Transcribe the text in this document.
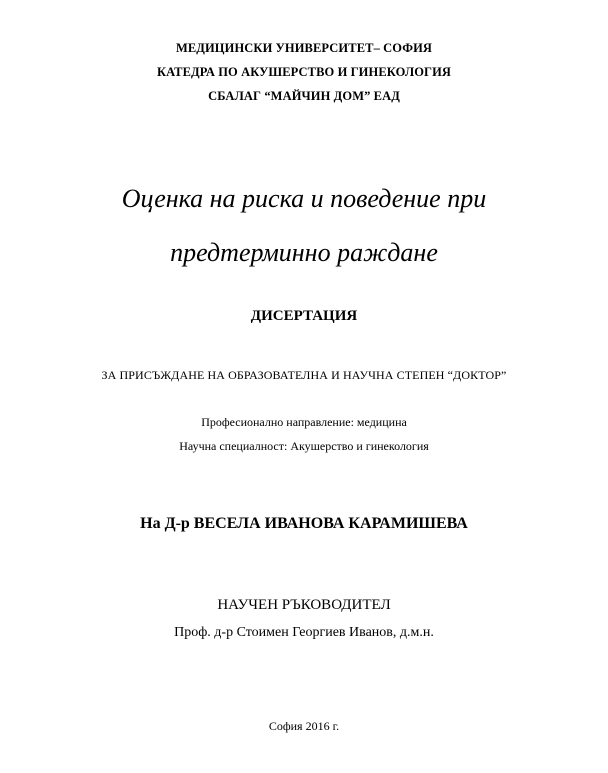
МЕДИЦИНСКИ УНИВЕРСИТЕТ– СОФИЯ
КАТЕДРА ПО АКУШЕРСТВО И ГИНЕКОЛОГИЯ
СБАЛАГ “МАЙЧИН ДОМ” ЕАД
Оценка на риска и поведение при
предтерминно раждане
ДИСЕРТАЦИЯ
ЗА ПРИСЪЖДАНЕ НА ОБРАЗОВАТЕЛНА И НАУЧНА СТЕПЕН “ДОКТОР”
Професионално направление: медицина
Научна специалност: Акушерство и гинекология
На Д-р ВЕСЕЛА ИВАНОВА КАРАМИШЕВА
НАУЧЕН РЪКОВОДИТЕЛ
Проф. д-р Стоимен Георгиев Иванов, д.м.н.
София 2016 г.
